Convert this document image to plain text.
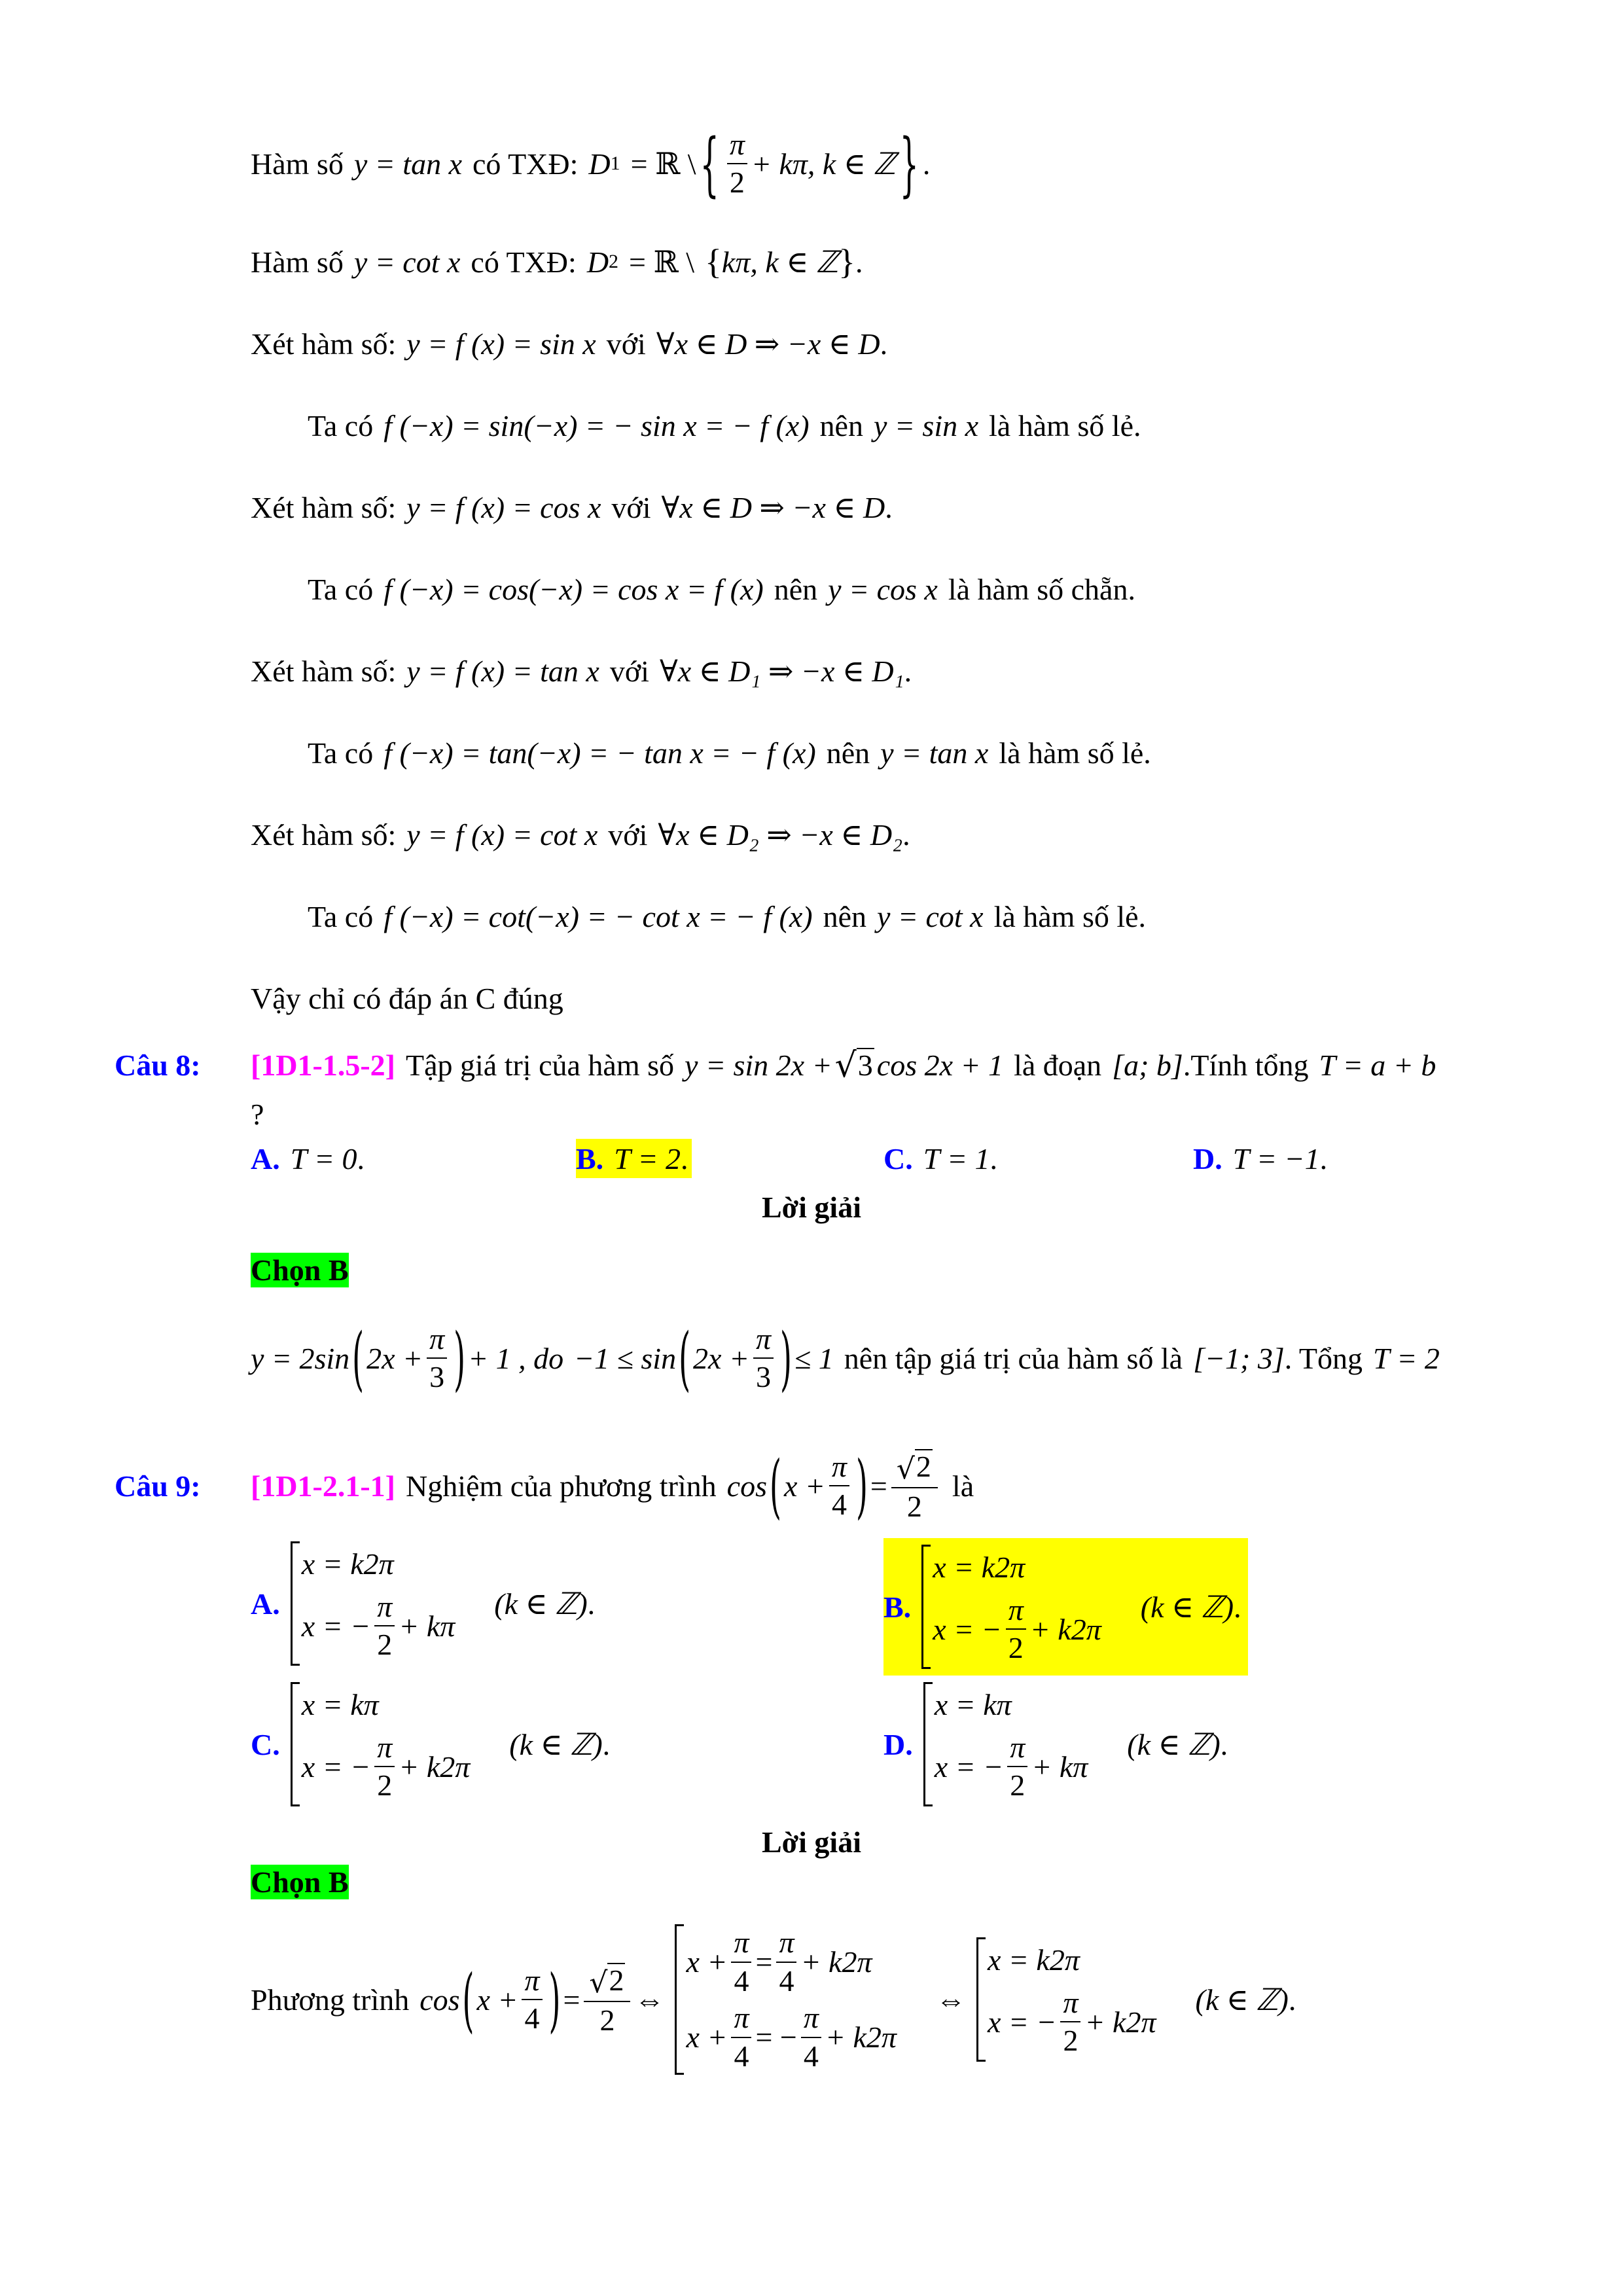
Hàm số y = tan x có TXĐ: D 1 = ℝ \ { $\frac{\pi}{2} + k\pi$, k ∈ ℤ } .
Hàm số y = cot x có TXĐ: D 2 = ℝ \ { kπ, k ∈ ℤ } .
Xét hàm số: y = f (x) = sin x với ∀x ∈ D ⇒ −x ∈ D .
Ta có f (−x) = sin(−x) = − sin x = − f (x) nên y = sin x là hàm số lẻ.
Xét hàm số: y = f (x) = cos x với ∀x ∈ D ⇒ −x ∈ D .
Ta có f (−x) = cos(−x) = cos x = f (x) nên y = cos x là hàm số chẵn.
Xét hàm số: y = f (x) = tan x với ∀x ∈ D₁ ⇒ −x ∈ D₁ .
Ta có f (−x) = tan(−x) = − tan x = − f (x) nên y = tan x là hàm số lẻ.
Xét hàm số: y = f (x) = cot x với ∀x ∈ D₂ ⇒ −x ∈ D₂ .
Ta có f (−x) = cot(−x) = − cot x = − f (x) nên y = cot x là hàm số lẻ.
Vậy chỉ có đáp án C đúng
Câu 8: [1D1-1.5-2] Tập giá trị của hàm số y = sin 2x + √ 3 cos 2x + 1 là đoạn [a; b] .Tính tổng T = a + b
?
A. T = 0 .	B. T = 2 .	C. T = 1 .	D. T = −1 .
Lời giải
Chọn B
y = 2sin ( $2x + \frac{\pi}{3}$ ) + 1 , do −1 ≤ sin ( $2x + \frac{\pi}{3}$ ) ≤ 1 nên tập giá trị của hàm số là [−1; 3] . Tổng T = 2
Câu 9: [1D1-2.1-1] Nghiệm của phương trình cos ( $x + \frac{\pi}{4}$ ) = $\frac{√ 2}{2}$ là
A.
x = k2π
x = − $\frac{\pi}{2} + k\pi$
(k ∈ ℤ) .	B.
x = k2π
x = − $\frac{\pi}{2} + k2\pi$
(k ∈ ℤ) .
C.
x = kπ
x = − $\frac{\pi}{2} + k2\pi$
(k ∈ ℤ) .	D.
x = kπ
x = − $\frac{\pi}{2} + k\pi$
(k ∈ ℤ) .
Lời giải
Chọn B
Phương trình cos ( $x + \frac{\pi}{4}$ ) = $\frac{√ 2}{2}$ ⇔
$x + \frac{\pi}{4} = \frac{\pi}{4} + k2\pi$
$x + \frac{\pi}{4}$ = − $\frac{\pi}{4} + k2\pi$
⇔
x = k2π
x = − $\frac{\pi}{2} + k2\pi$
(k ∈ ℤ) .
